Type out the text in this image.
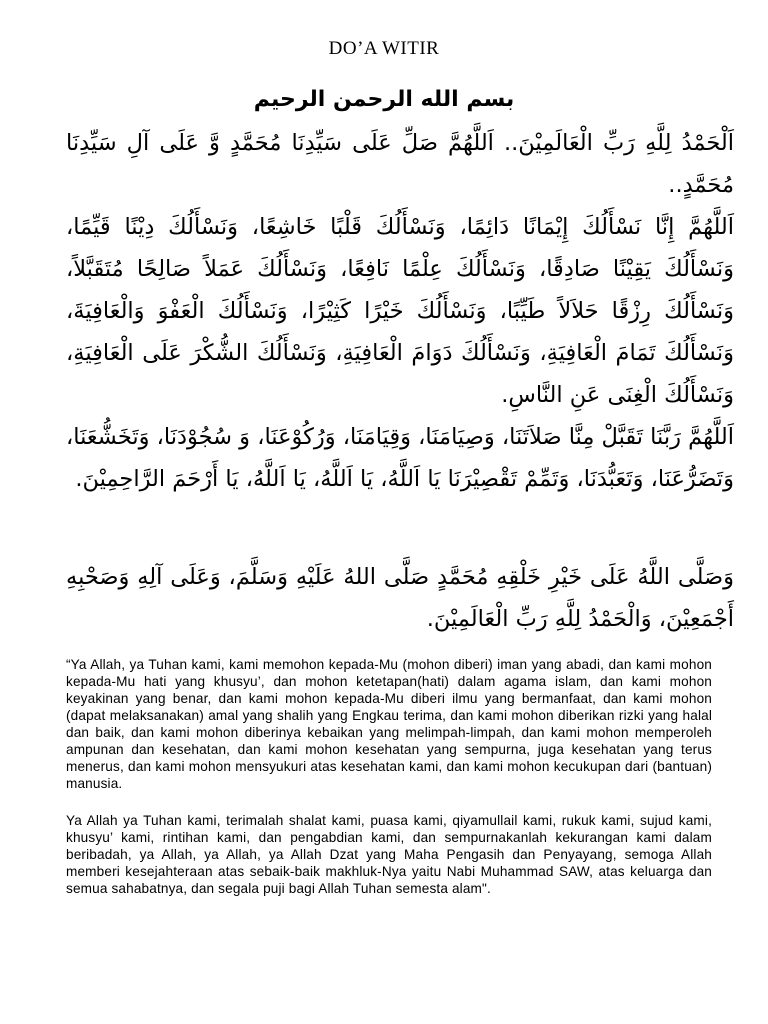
DO’A WITIR
بسم الله الرحمن الرحيم
اَلْحَمْدُ لِلَّهِ رَبِّ الْعَالَمِيْنَ.. اَللَّهُمَّ صَلِّ عَلَى سَيِّدِنَا مُحَمَّدٍ وَّ عَلَى آلِ سَيِّدِنَا مُحَمَّدٍ..
اَللَّهُمَّ إِنَّا نَسْأَلُكَ إِيْمَانًا دَائِمًا، وَنَسْأَلُكَ قَلْبًا خَاشِعًا، وَنَسْأَلُكَ دِيْنًا قَيِّمًا، وَنَسْأَلُكَ يَقِيْنًا صَادِقًا، وَنَسْأَلُكَ عِلْمًا نَافِعًا، وَنَسْأَلُكَ عَمَلاً صَالِحًا مُتَقَبَّلاً، وَنَسْأَلُكَ رِزْقًا حَلاَلاً طَيِّبًا، وَنَسْأَلُكَ خَيْرًا كَثِيْرًا، وَنَسْأَلُكَ الْعَفْوَ وَالْعَافِيَةَ، وَنَسْأَلُكَ تَمَامَ الْعَافِيَةِ، وَنَسْأَلُكَ دَوَامَ الْعَافِيَةِ، وَنَسْأَلُكَ الشُّكْرَ عَلَى الْعَافِيَةِ، وَنَسْأَلُكَ الْغِنَى عَنِ النَّاسِ.
اَللَّهُمَّ رَبَّنَا تَقَبَّلْ مِنَّا صَلاَتَنَا، وَصِيَامَنَا، وَقِيَامَنَا، وَرُكُوْعَنَا، وَ سُجُوْدَنَا، وَتَخَشُّعَنَا، وَتَضَرُّعَنَا، وَتَعَبُّدَنَا، وَتَمِّمْ تَقْصِيْرَنَا يَا اَللَّهُ، يَا اَللَّهُ، يَا اَللَّهُ، يَا أَرْحَمَ الرَّاحِمِيْنَ.
وَصَلَّى اللَّهُ عَلَى خَيْرِ خَلْقِهِ مُحَمَّدٍ صَلَّى اللهُ عَلَيْهِ وَسَلَّمَ، وَعَلَى آلِهِ وَصَحْبِهِ أَجْمَعِيْنَ، وَالْحَمْدُ لِلَّهِ رَبِّ الْعَالَمِيْنَ.
“Ya Allah, ya Tuhan kami, kami memohon kepada-Mu (mohon diberi) iman yang abadi, dan kami mohon kepada-Mu hati yang khusyu’, dan mohon ketetapan(hati) dalam agama islam, dan kami mohon keyakinan yang benar, dan kami mohon kepada-Mu diberi ilmu yang bermanfaat, dan kami mohon (dapat melaksanakan) amal yang shalih yang Engkau terima, dan kami mohon diberikan rizki yang halal dan baik, dan kami mohon diberinya kebaikan yang melimpah-limpah, dan kami mohon memperoleh ampunan dan kesehatan, dan kami mohon kesehatan yang sempurna, juga kesehatan yang terus menerus, dan kami mohon mensyukuri atas kesehatan kami, dan kami mohon kecukupan dari (bantuan) manusia.
Ya Allah ya Tuhan kami, terimalah shalat kami, puasa kami, qiyamullail kami, rukuk kami, sujud kami, khusyu’ kami, rintihan kami, dan pengabdian kami, dan sempurnakanlah kekurangan kami dalam beribadah, ya Allah, ya Allah, ya Allah Dzat yang Maha Pengasih dan Penyayang, semoga Allah memberi kesejahteraan atas sebaik-baik makhluk-Nya yaitu Nabi Muhammad SAW, atas keluarga dan semua sahabatnya, dan segala puji bagi Allah Tuhan semesta alam".
